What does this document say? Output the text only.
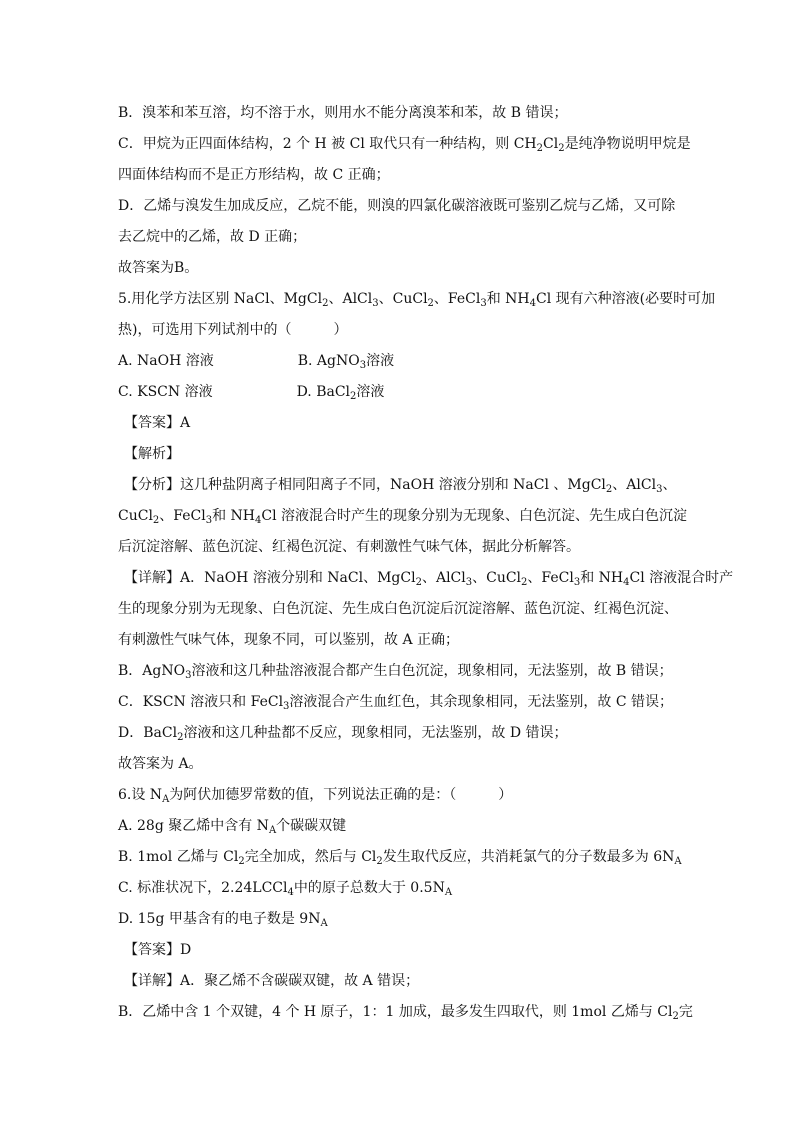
B．溴苯和苯互溶，均不溶于水，则用水不能分离溴苯和苯，故 B 错误；
C．甲烷为正四面体结构，2 个 H 被 Cl 取代只有一种结构，则 $CH_2Cl_2$是纯净物说明甲烷是
四面体结构而不是正方形结构，故 C 正确；
D．乙烯与溴发生加成反应，乙烷不能，则溴的四氯化碳溶液既可鉴别乙烷与乙烯，又可除
去乙烷中的乙烯，故 D 正确；
故答案为B。
5.用化学方法区别 NaCl、MgCl$_2$、AlCl$_3$、CuCl$_2$、FeCl$_3$和 $NH_4Cl$ 现有六种溶液(必要时可加
热)，可选用下列试剂中的（　　　）
A. NaOH 溶液　　　　　　B. AgNO$_3$溶液
C. KSCN 溶液　　　　　　D. BaCl$_2$溶液
【答案】A
【解析】
【分析】这几种盐阴离子相同阳离子不同，NaOH 溶液分别和 NaCl 、MgCl$_2$、AlCl$_3$、
CuCl$_2$、FeCl$_3$和 $NH_4Cl$ 溶液混合时产生的现象分别为无现象、白色沉淀、先生成白色沉淀
后沉淀溶解、蓝色沉淀、红褐色沉淀、有刺激性气味气体，据此分析解答。
【详解】A．NaOH 溶液分别和 NaCl、MgCl$_2$、AlCl$_3$、CuCl$_2$、FeCl$_3$和 $NH_4Cl$ 溶液混合时产
生的现象分别为无现象、白色沉淀、先生成白色沉淀后沉淀溶解、蓝色沉淀、红褐色沉淀、
有刺激性气味气体，现象不同，可以鉴别，故 A 正确；
B．AgNO$_3$溶液和这几种盐溶液混合都产生白色沉淀，现象相同，无法鉴别，故 B 错误；
C．KSCN 溶液只和 FeCl$_3$溶液混合产生血红色，其余现象相同，无法鉴别，故 C 错误；
D．BaCl$_2$溶液和这几种盐都不反应，现象相同，无法鉴别，故 D 错误；
故答案为 A。
6.设 $N_A$为阿伏加德罗常数的值，下列说法正确的是：（　　　）
A. 28g 聚乙烯中含有 $N_A$个碳碳双键
B. 1mol 乙烯与 $Cl_2$完全加成，然后与 $Cl_2$发生取代反应，共消耗氯气的分子数最多为 $6N_A$
C. 标准状况下，2.24LCCl$_4$中的原子总数大于 $0.5N_A$
D. 15g 甲基含有的电子数是 $9N_A$
【答案】D
【详解】A．聚乙烯不含碳碳双键，故 A 错误；
B．乙烯中含 1 个双键，4 个 H 原子，1：1 加成，最多发生四取代，则 1mol 乙烯与 $Cl_2$完
